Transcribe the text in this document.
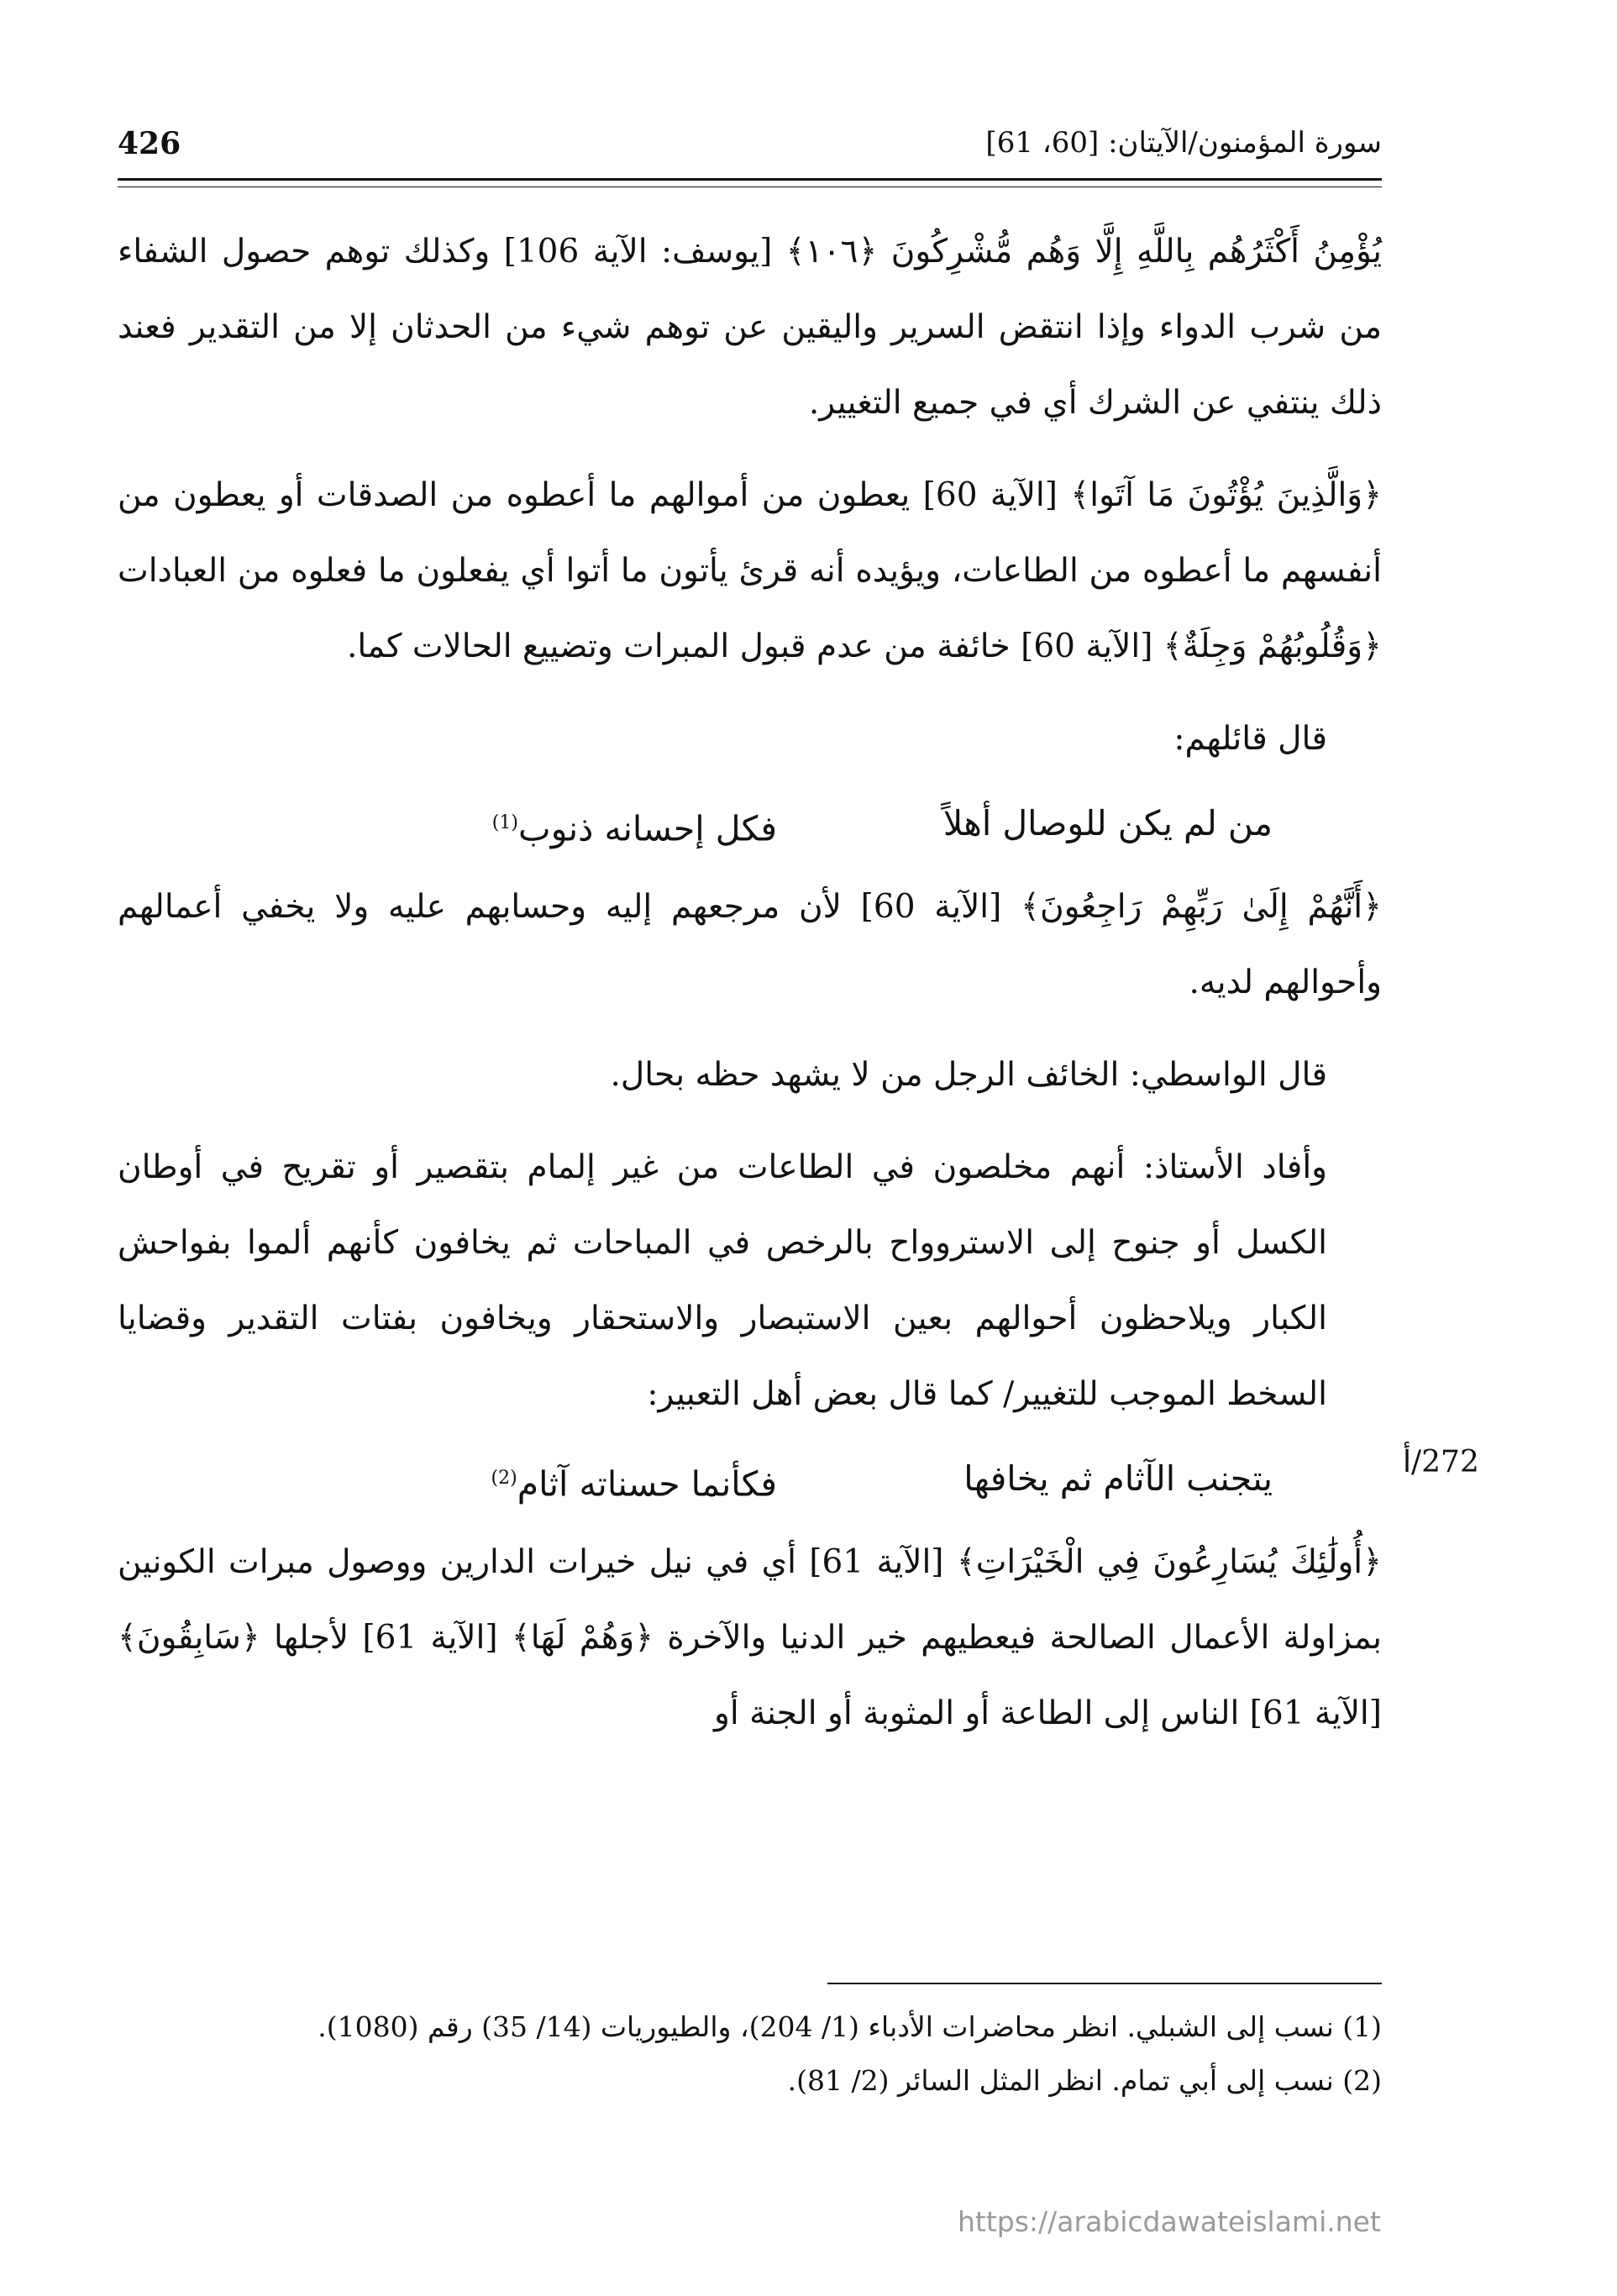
426	سورة المؤمنون/الآيتان: [60، 61]

يُؤْمِنُ أَكْثَرُهُم بِاللَّهِ إِلَّا وَهُم مُّشْرِكُونَ ﴿١٠٦﴾ [يوسف: الآية 106] وكذلك توهم حصول الشفاء من شرب الدواء وإذا انتقض السرير واليقين عن توهم شيء من الحدثان إلا من التقدير فعند ذلك ينتفي عن الشرك أي في جميع التغيير.

﴿وَالَّذِينَ يُؤْتُونَ مَا آتَوا﴾ [الآية 60] يعطون من أموالهم ما أعطوه من الصدقات أو يعطون من أنفسهم ما أعطوه من الطاعات، ويؤيده أنه قرئ يأتون ما أتوا أي يفعلون ما فعلوه من العبادات ﴿وَقُلُوبُهُمْ وَجِلَةٌ﴾ [الآية 60] خائفة من عدم قبول المبرات وتضييع الحالات كما.

قال قائلهم:

من لم يكن للوصال أهلاً
فكل إحسانه ذنوب$^{(1)}$

﴿أَنَّهُمْ إِلَىٰ رَبِّهِمْ رَاجِعُونَ﴾ [الآية 60] لأن مرجعهم إليه وحسابهم عليه ولا يخفي أعمالهم وأحوالهم لديه.

قال الواسطي: الخائف الرجل من لا يشهد حظه بحال.

وأفاد الأستاذ: أنهم مخلصون في الطاعات من غير إلمام بتقصير أو تقريح في أوطان الكسل أو جنوح إلى الاستروواح بالرخص في المباحات ثم يخافون كأنهم ألموا بفواحش الكبار ويلاحظون أحوالهم بعين الاستبصار والاستحقار ويخافون بفتات التقدير وقضايا السخط الموجب للتغيير/ كما قال بعض أهل التعبير:

يتجنب الآثام ثم يخافها
فكأنما حسناته آثام$^{(2)}$

﴿أُولَٰئِكَ يُسَارِعُونَ فِي الْخَيْرَاتِ﴾ [الآية 61] أي في نيل خيرات الدارين ووصول مبرات الكونين بمزاولة الأعمال الصالحة فيعطيهم خير الدنيا والآخرة ﴿وَهُمْ لَهَا﴾ [الآية 61] لأجلها ﴿سَابِقُونَ﴾ [الآية 61] الناس إلى الطاعة أو المثوبة أو الجنة أو

272/أ

(1) نسب إلى الشبلي. انظر محاضرات الأدباء (1/ 204)، والطيوريات (14/ 35) رقم (1080).

(2) نسب إلى أبي تمام. انظر المثل السائر (2/ 81).

https://arabicdawateislami.net
